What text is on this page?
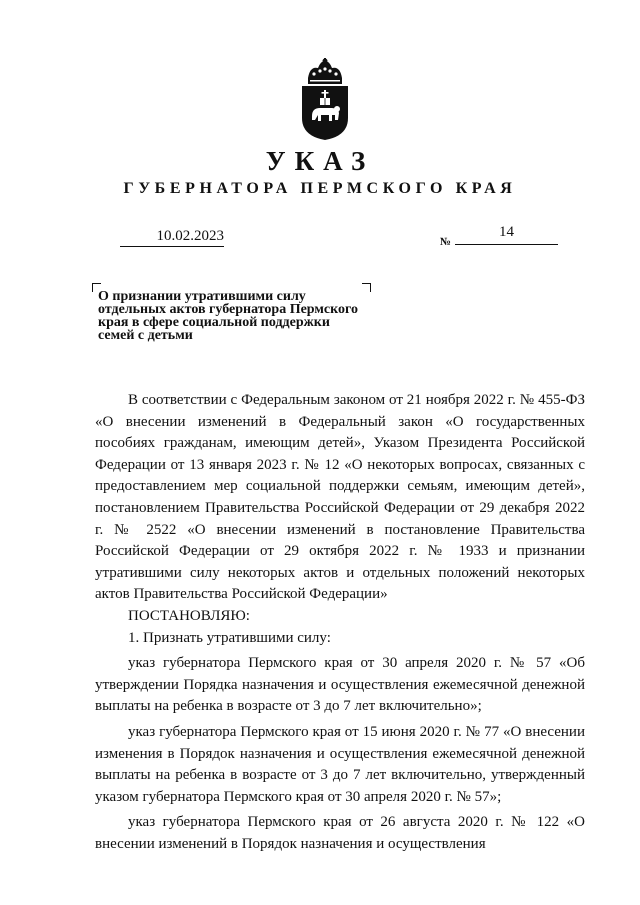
УКАЗ
ГУБЕРНАТОРА ПЕРМСКОГО КРАЯ
10.02.2023	№
14
О признании утратившими силу отдельных актов губернатора Пермского края в сфере социальной поддержки семей с детьми

В соответствии с Федеральным законом от 21 ноября 2022 г. № 455-ФЗ «О внесении изменений в Федеральный закон «О государственных пособиях гражданам, имеющим детей», Указом Президента Российской Федерации от 13 января 2023 г. № 12 «О некоторых вопросах, связанных с предоставлением мер социальной поддержки семьям, имеющим детей», постановлением Правительства Российской Федерации от 29 декабря 2022 г. № 2522 «О внесении изменений в постановление Правительства Российской Федерации от 29 октября 2022 г. № 1933 и признании утратившими силу некоторых актов и отдельных положений некоторых актов Правительства Российской Федерации»

ПОСТАНОВЛЯЮ:

1. Признать утратившими силу:

указ губернатора Пермского края от 30 апреля 2020 г. № 57 «Об утверждении Порядка назначения и осуществления ежемесячной денежной выплаты на ребенка в возрасте от 3 до 7 лет включительно»;

указ губернатора Пермского края от 15 июня 2020 г. № 77 «О внесении изменения в Порядок назначения и осуществления ежемесячной денежной выплаты на ребенка в возрасте от 3 до 7 лет включительно, утвержденный указом губернатора Пермского края от 30 апреля 2020 г. № 57»;

указ губернатора Пермского края от 26 августа 2020 г. № 122 «О внесении изменений в Порядок назначения и осуществления
